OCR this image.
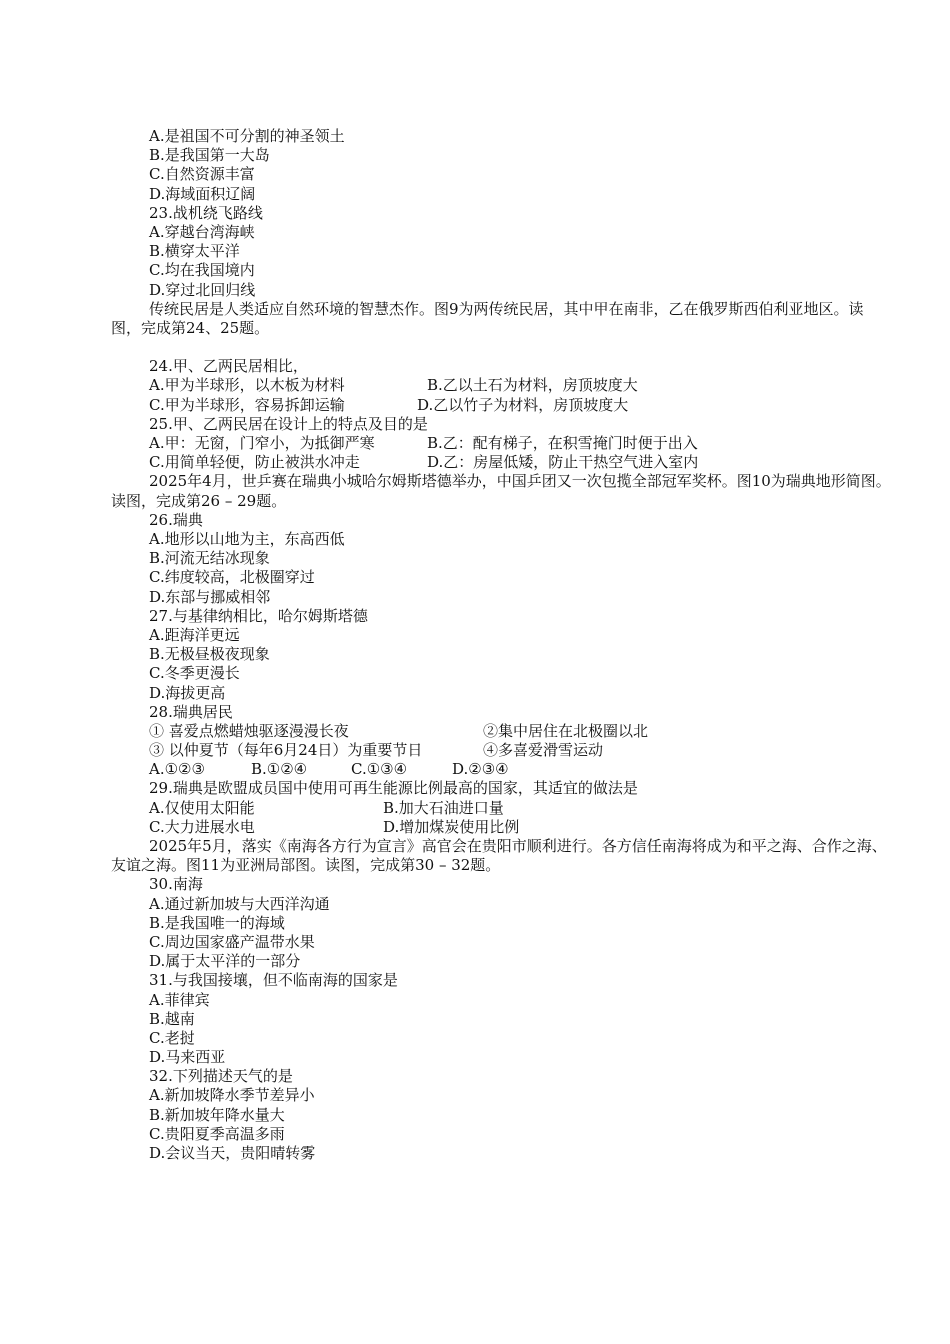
A.是祖国不可分割的神圣领土
B.是我国第一大岛
C.自然资源丰富
D.海域面积辽阔
23.战机绕飞路线
A.穿越台湾海峡
B.横穿太平洋
C.均在我国境内
D.穿过北回归线
传统民居是人类适应自然环境的智慧杰作。图9为两传统民居，其中甲在南非，乙在俄罗斯西伯利亚地区。读图，完成第24、25题。
24.甲、乙两民居相比，
A.甲为半球形，以木板为材料	B.乙以土石为材料，房顶坡度大
C.甲为半球形，容易拆卸运输	D.乙以竹子为材料，房顶坡度大
25.甲、乙两民居在设计上的特点及目的是
A.甲：无窗，门窄小，为抵御严寒	B.乙：配有梯子，在积雪掩门时便于出入
C.用简单轻便，防止被洪水冲走	D.乙：房屋低矮，防止干热空气进入室内
2025年4月，世乒赛在瑞典小城哈尔姆斯塔德举办，中国乒团又一次包揽全部冠军奖杯。图10为瑞典地形简图。读图，完成第26 – 29题。
26.瑞典
A.地形以山地为主，东高西低
B.河流无结冰现象
C.纬度较高，北极圈穿过
D.东部与挪威相邻
27.与基律纳相比，哈尔姆斯塔德
A.距海洋更远
B.无极昼极夜现象
C.冬季更漫长
D.海拔更高
28.瑞典居民
① 喜爱点燃蜡烛驱逐漫漫长夜	②集中居住在北极圈以北
③ 以仲夏节（每年6月24日）为重要节日	④多喜爱滑雪运动
A.①②③	B.①②④	C.①③④	D.②③④
29.瑞典是欧盟成员国中使用可再生能源比例最高的国家，其适宜的做法是
A.仅使用太阳能	B.加大石油进口量
C.大力进展水电	D.增加煤炭使用比例
2025年5月，落实《南海各方行为宣言》高官会在贵阳市顺利进行。各方信任南海将成为和平之海、合作之海、友谊之海。图11为亚洲局部图。读图，完成第30 – 32题。
30.南海
A.通过新加坡与大西洋沟通
B.是我国唯一的海域
C.周边国家盛产温带水果
D.属于太平洋的一部分
31.与我国接壤，但不临南海的国家是
A.菲律宾
B.越南
C.老挝
D.马来西亚
32.下列描述天气的是
A.新加坡降水季节差异小
B.新加坡年降水量大
C.贵阳夏季高温多雨
D.会议当天，贵阳晴转雾
